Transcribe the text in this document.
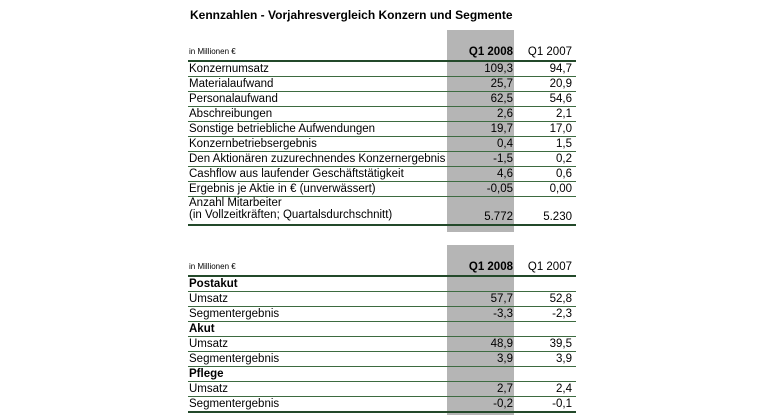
Kennzahlen - Vorjahresvergleich Konzern und Segmente
in Millionen €	Q1 2008 Q1 2007
Konzernumsatz	109,3	94,7
Materialaufwand	25,7	20,9
Personalaufwand	62,5	54,6
Abschreibungen	2,6	2,1
Sonstige betriebliche Aufwendungen	19,7	17,0
Konzernbetriebsergebnis	0,4	1,5
Den Aktionären zuzurechnendes Konzernergebnis	-1,5	0,2
Cashflow aus laufender Geschäftstätigkeit	4,6	0,6
Ergebnis je Aktie in € (unverwässert)	-0,05	0,00
Anzahl Mitarbeiter
(in Vollzeitkräften; Quartalsdurchschnitt)	5.772	5.230
in Millionen €	Q1 2008 Q1 2007
Postakut
Umsatz	57,7	52,8
Segmentergebnis	-3,3	-2,3
Akut
Umsatz	48,9	39,5
Segmentergebnis	3,9	3,9
Pflege
Umsatz	2,7	2,4
Segmentergebnis	-0,2	-0,1
